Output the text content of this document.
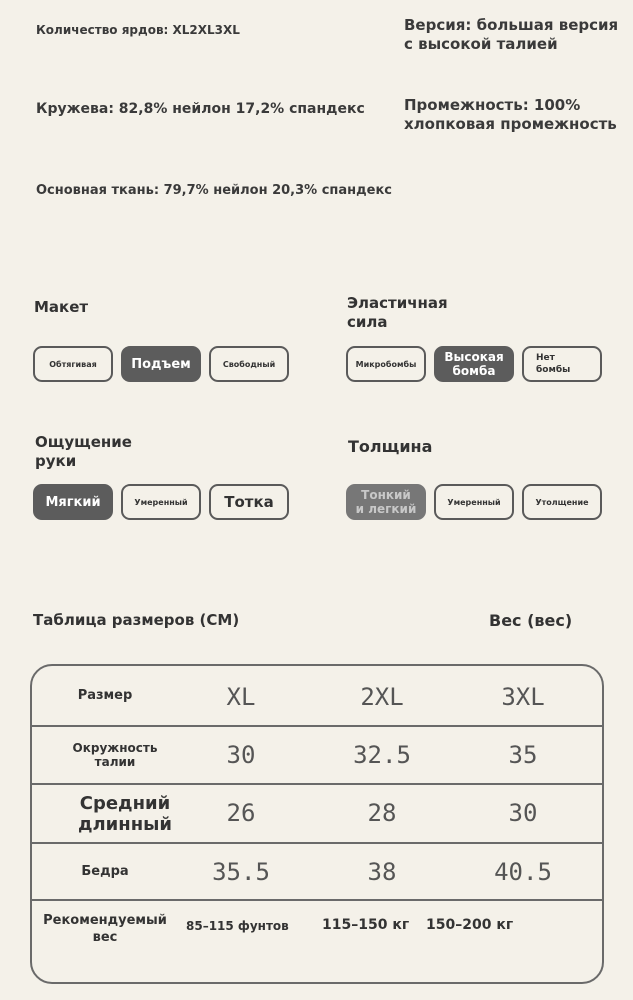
Количество ярдов: XL2XL3XL
Кружева: 82,8% нейлон 17,2% спандекс
Основная ткань: 79,7% нейлон 20,3% спандекс
Версия: большая версия
с высокой талией
Промежность: 100%
хлопковая промежность
Макет
Обтягивая	Подъем	Свободный
Эластичная
сила
Микробомбы Высокая
бомба
Нет
бомбы
Ощущение
руки
Мягкий	Умеренный Тотка
Толщина
Тонкий
и легкий	Умеренный	Утолщение
Таблица размеров (CM)	Вес (вес)
Размер	XL	2XL	3XL
Окружность
талии	30	32.5	35
Средний
длинный	26	28	30
Бедра	35.5	38	40.5
Рекомендуемый
вес
85–115 фунтов 115–150 кг 150–200 кг
